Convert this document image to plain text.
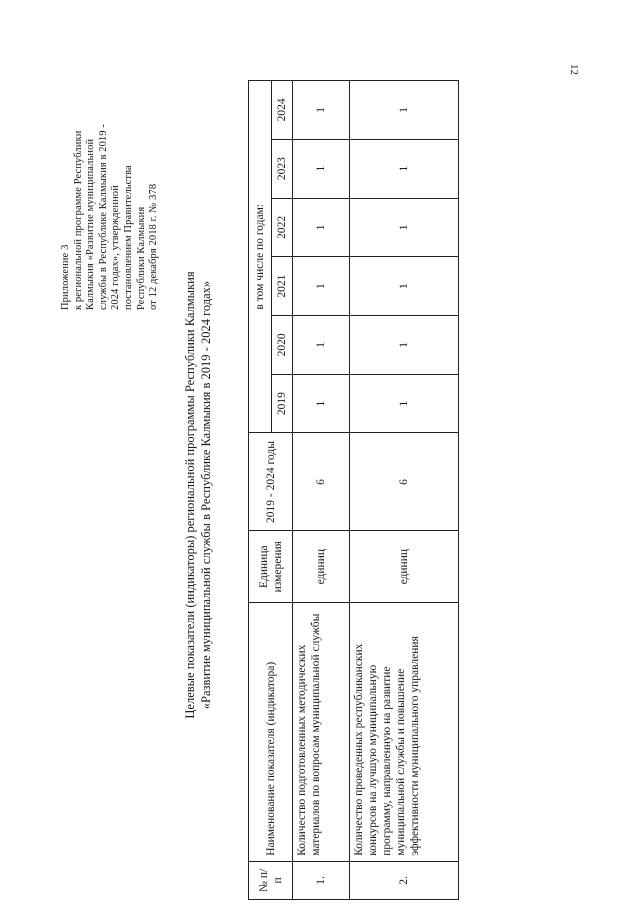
12
Приложение 3 к региональной программе Республики Калмыкия «Развитие муниципальной службы в Республике Калмыкия в 2019 - 2024 годах», утвержденной постановлением Правительства Республики Калмыкия от 12 декабря 2018 г. № 378
Целевые показатели (индикаторы) региональной программы Республики Калмыкия «Развитие муниципальной службы в Республике Калмыкия в 2019 - 2024 годах»
№ п/п	Наименование показателя (индикатора)	Единица измерения	2019 - 2024 годы	в том числе по годам:					
				2019	2020	2021	2022	2023	2024
1.	Количество подготовленных методических материалов по вопросам муниципальной службы	единиц	6	1	1	1	1	1	1
2.	Количество проведенных республиканских конкурсов на лучшую муниципальную программу, направленную на развитие муниципальной службы и повышение эффективности муниципального управления	единиц	6	1	1	1	1	1	1
